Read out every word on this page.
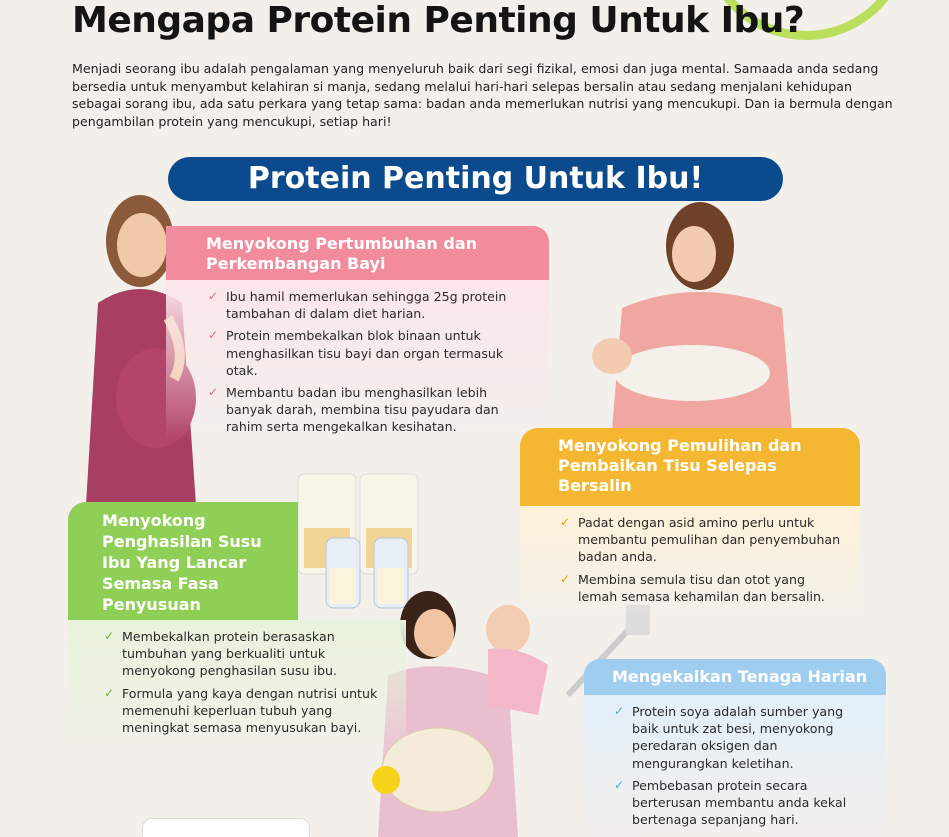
Mengapa Protein Penting Untuk Ibu?

Menjadi seorang ibu adalah pengalaman yang menyeluruh baik dari segi fizikal, emosi dan juga mental. Samaada anda sedang bersedia untuk menyambut kelahiran si manja, sedang melalui hari-hari selepas bersalin atau sedang menjalani kehidupan sebagai sorang ibu, ada satu perkara yang tetap sama: badan anda memerlukan nutrisi yang mencukupi. Dan ia bermula dengan pengambilan protein yang mencukupi, setiap hari!

Protein Penting Untuk Ibu!
Menyokong Pertumbuhan dan Perkembangan Bayi
✓ Ibu hamil memerlukan sehingga 25g protein tambahan di dalam diet harian.
✓ Protein membekalkan blok binaan untuk menghasilkan tisu bayi dan organ termasuk otak.
✓ Membantu badan ibu menghasilkan lebih banyak darah, membina tisu payudara dan rahim serta mengekalkan kesihatan.
Menyokong Pemulihan dan Pembaikan Tisu Selepas Bersalin
✓ Padat dengan asid amino perlu untuk membantu pemulihan dan penyembuhan badan anda.
✓ Membina semula tisu dan otot yang lemah semasa kehamilan dan bersalin.
Menyokong Penghasilan Susu Ibu Yang Lancar Semasa Fasa Penyusuan
✓ Membekalkan protein berasaskan tumbuhan yang berkualiti untuk menyokong penghasilan susu ibu.
✓ Formula yang kaya dengan nutrisi untuk memenuhi keperluan tubuh yang meningkat semasa menyusukan bayi.
Mengekalkan Tenaga Harian
✓ Protein soya adalah sumber yang baik untuk zat besi, menyokong peredaran oksigen dan mengurangkan keletihan.
✓ Pembebasan protein secara berterusan membantu anda kekal bertenaga sepanjang hari.
